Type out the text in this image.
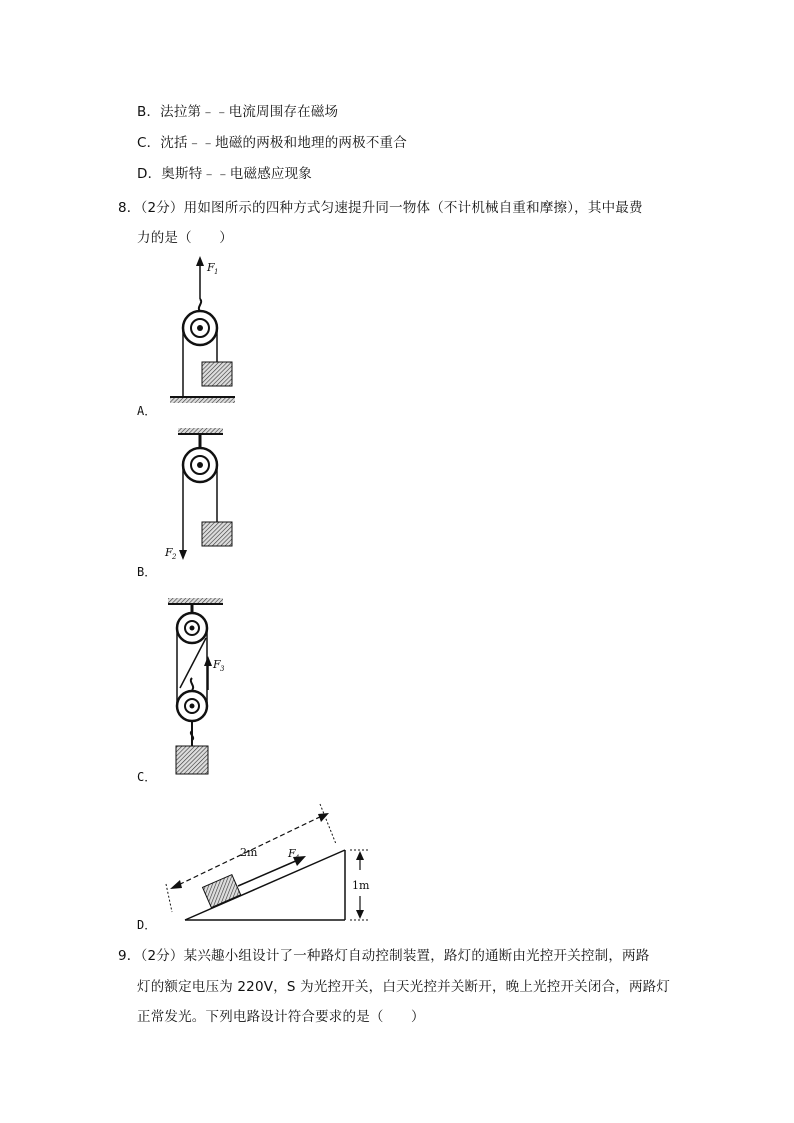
B．法拉第﹣﹣电流周围存在磁场
C．沈括﹣﹣地磁的两极和地理的两极不重合
D．奥斯特﹣﹣电磁感应现象
8．（2分）用如图所示的四种方式匀速提升同一物体（不计机械自重和摩擦），其中最费
力的是（　　）
F 1
A．
F 2
B．
F 3
C．
F 4
2m
1m
D．
9．（2分）某兴趣小组设计了一种路灯自动控制装置，路灯的通断由光控开关控制，两路
灯的额定电压为 220V，S 为光控开关，白天光控并关断开，晚上光控开关闭合，两路灯
正常发光。下列电路设计符合要求的是（　　）
